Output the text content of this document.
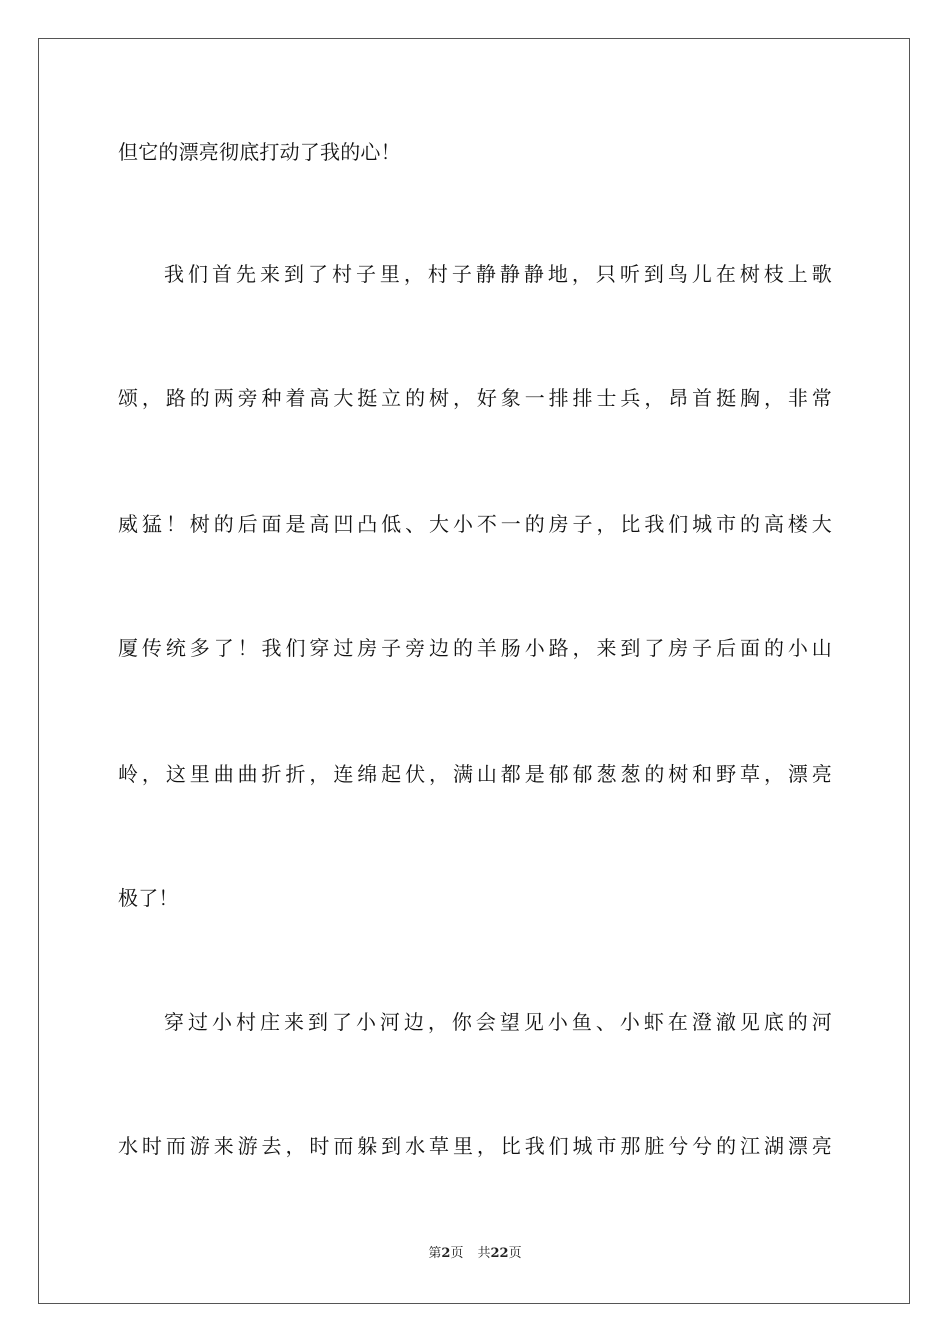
但它的漂亮彻底打动了我的心！
我们首先来到了村子里，村子静静静地，只听到鸟儿在树枝上歌
颂，路的两旁种着高大挺立的树，好象一排排士兵，昂首挺胸，非常
威猛！树的后面是高凹凸低、大小不一的房子，比我们城市的高楼大
厦传统多了！我们穿过房子旁边的羊肠小路，来到了房子后面的小山
岭，这里曲曲折折，连绵起伏，满山都是郁郁葱葱的树和野草，漂亮
极了！
穿过小村庄来到了小河边，你会望见小鱼、小虾在澄澈见底的河
水时而游来游去，时而躲到水草里，比我们城市那脏兮兮的江湖漂亮
第2页 共22页
